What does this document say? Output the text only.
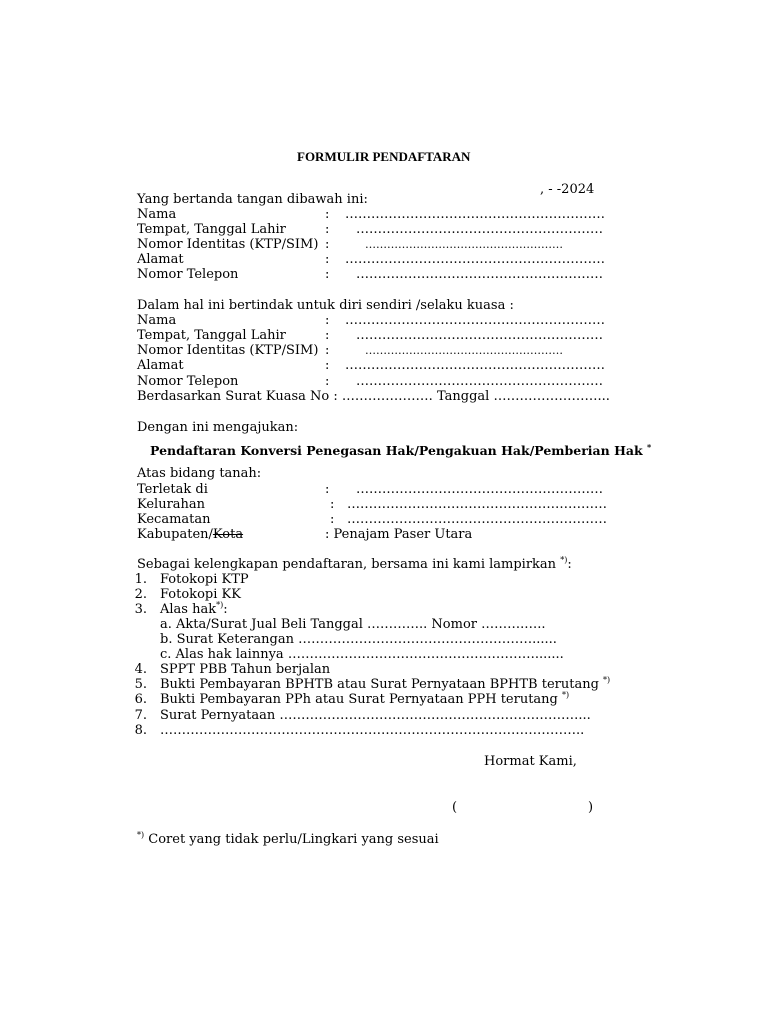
FORMULIR PENDAFTARAN
, - -2024
Yang bertanda tangan dibawah ini:
Nama	: ……………………………………………………
Tempat, Tanggal Lahir	: …………………………………………………
Nomor Identitas (KTP/SIM) :	………………………………………………
Alamat	: ……………………………………………………
Nomor Telepon	: …………………………………………………
Dalam hal ini bertindak untuk diri sendiri /selaku kuasa :
Nama	: ……………………………………………………
Tempat, Tanggal Lahir	: …………………………………………………
Nomor Identitas (KTP/SIM) :	………………………………………………
Alamat	: ……………………………………………………
Nomor Telepon	: …………………………………………………
Berdasarkan Surat Kuasa No : ………………… Tanggal ……………………...
Dengan ini mengajukan:
Pendaftaran Konversi Penegasan Hak/Pengakuan Hak/Pemberian Hak *
Atas bidang tanah:
Terletak di	: …………………………………………………
Kelurahan	: ……………………………………………………
Kecamatan	: ……………………………………………………
Kabupaten/Kota	: Penajam Paser Utara
Sebagai kelengkapan pendaftaran, bersama ini kami lampirkan *):
1. Fotokopi KTP
2. Fotokopi KK
3. Alas hak*):
a. Akta/Surat Jual Beli Tanggal ………….. Nomor ……….…..
b. Surat Keterangan ………………………………………………......
c. Alas hak lainnya ………………………………………………….......
4. SPPT PBB Tahun berjalan
5. Bukti Pembayaran BPHTB atau Surat Pernyataan BPHTB terutang *)
6. Bukti Pembayaran PPh atau Surat Pernyataan PPH terutang *)
7. Surat Pernyataan ……………………………………………………………...
8. ……………………………………………………………………………………..
Hormat Kami,
(	)
*) Coret yang tidak perlu/Lingkari yang sesuai
